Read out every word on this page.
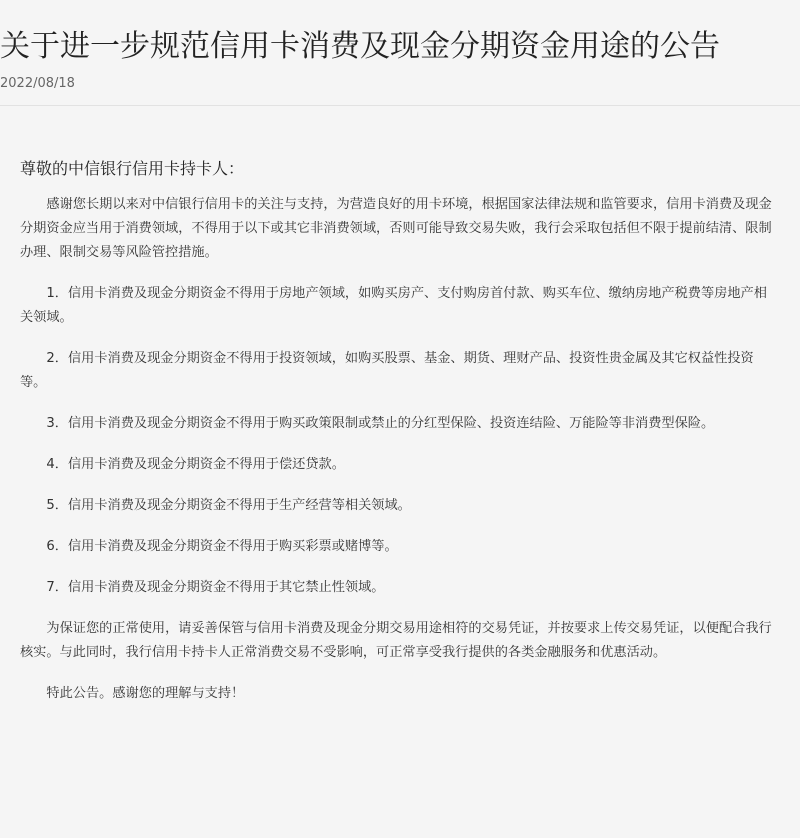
关于进一步规范信用卡消费及现金分期资金用途的公告
2022/08/18
尊敬的中信银行信用卡持卡人：

感谢您长期以来对中信银行信用卡的关注与支持，为营造良好的用卡环境，根据国家法律法规和监管要求，信用卡消费及现金分期资金应当用于消费领域，不得用于以下或其它非消费领域，否则可能导致交易失败，我行会采取包括但不限于提前结清、限制办理、限制交易等风险管控措施。

1．信用卡消费及现金分期资金不得用于房地产领域，如购买房产、支付购房首付款、购买车位、缴纳房地产税费等房地产相关领域。

2．信用卡消费及现金分期资金不得用于投资领域，如购买股票、基金、期货、理财产品、投资性贵金属及其它权益性投资等。

3．信用卡消费及现金分期资金不得用于购买政策限制或禁止的分红型保险、投资连结险、万能险等非消费型保险。

4．信用卡消费及现金分期资金不得用于偿还贷款。

5．信用卡消费及现金分期资金不得用于生产经营等相关领域。

6．信用卡消费及现金分期资金不得用于购买彩票或赌博等。

7．信用卡消费及现金分期资金不得用于其它禁止性领域。

为保证您的正常使用，请妥善保管与信用卡消费及现金分期交易用途相符的交易凭证，并按要求上传交易凭证，以便配合我行核实。与此同时，我行信用卡持卡人正常消费交易不受影响，可正常享受我行提供的各类金融服务和优惠活动。

特此公告。感谢您的理解与支持！
